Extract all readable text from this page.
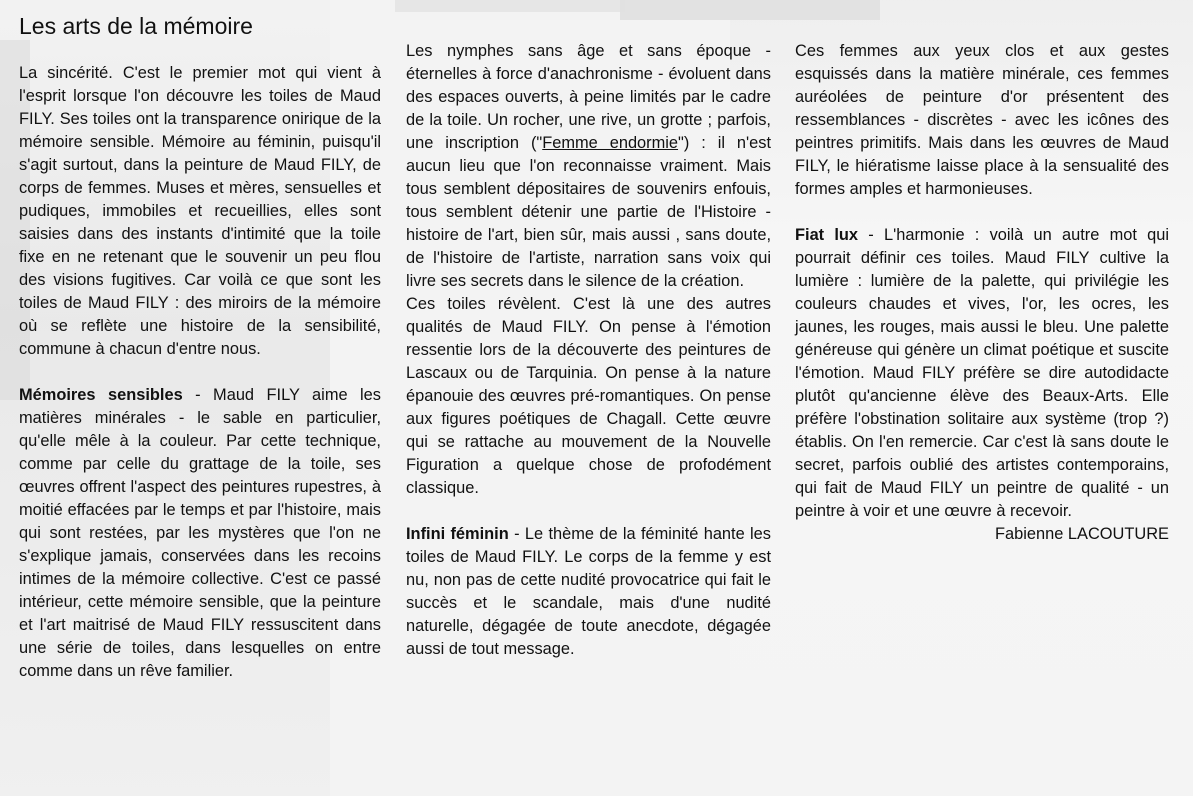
Les arts de la mémoire

La sincérité. C'est le premier mot qui vient à l'esprit lorsque l'on découvre les toiles de Maud FILY. Ses toiles ont la transparence onirique de la mémoire sensible. Mémoire au féminin, puisqu'il s'agit surtout, dans la peinture de Maud FILY, de corps de femmes. Muses et mères, sensuelles et pudiques, immobiles et recueillies, elles sont saisies dans des instants d'intimité que la toile fixe en ne retenant que le souvenir un peu flou des visions fugitives. Car voilà ce que sont les toiles de Maud FILY : des miroirs de la mémoire où se reflète une histoire de la sensibilité, commune à chacun d'entre nous.

Mémoires sensibles - Maud FILY aime les matières minérales - le sable en particulier, qu'elle mêle à la couleur. Par cette technique, comme par celle du grattage de la toile, ses œuvres offrent l'aspect des peintures rupestres, à moitié effacées par le temps et par l'histoire, mais qui sont restées, par les mystères que l'on ne s'explique jamais, conservées dans les recoins intimes de la mémoire collective. C'est ce passé intérieur, cette mémoire sensible, que la peinture et l'art maitrisé de Maud FILY ressuscitent dans une série de toiles, dans lesquelles on entre comme dans un rêve familier.

Les nymphes sans âge et sans époque - éternelles à force d'anachronisme - évoluent dans des espaces ouverts, à peine limités par le cadre de la toile. Un rocher, une rive, un grotte ; parfois, une inscription ("Femme endormie") : il n'est aucun lieu que l'on reconnaisse vraiment. Mais tous semblent dépositaires de souvenirs enfouis, tous semblent détenir une partie de l'Histoire - histoire de l'art, bien sûr, mais aussi , sans doute, de l'histoire de l'artiste, narration sans voix qui livre ses secrets dans le silence de la création.

Ces toiles révèlent. C'est là une des autres qualités de Maud FILY. On pense à l'émotion ressentie lors de la découverte des peintures de Lascaux ou de Tarquinia. On pense à la nature épanouie des œuvres pré-romantiques. On pense aux figures poétiques de Chagall. Cette œuvre qui se rattache au mouvement de la Nouvelle Figuration a quelque chose de profodément classique.

Infini féminin - Le thème de la féminité hante les toiles de Maud FILY. Le corps de la femme y est nu, non pas de cette nudité provocatrice qui fait le succès et le scandale, mais d'une nudité naturelle, dégagée de toute anecdote, dégagée aussi de tout message.

Ces femmes aux yeux clos et aux gestes esquissés dans la matière minérale, ces femmes auréolées de peinture d'or présentent des ressemblances - discrètes - avec les icônes des peintres primitifs. Mais dans les œuvres de Maud FILY, le hiératisme laisse place à la sensualité des formes amples et harmonieuses.

Fiat lux - L'harmonie : voilà un autre mot qui pourrait définir ces toiles. Maud FILY cultive la lumière : lumière de la palette, qui privilégie les couleurs chaudes et vives, l'or, les ocres, les jaunes, les rouges, mais aussi le bleu. Une palette généreuse qui génère un climat poétique et suscite l'émotion. Maud FILY préfère se dire autodidacte plutôt qu'ancienne élève des Beaux-Arts. Elle préfère l'obstination solitaire aux système (trop ?) établis. On l'en remercie. Car c'est là sans doute le secret, parfois oublié des artistes contemporains, qui fait de Maud FILY un peintre de qualité - un peintre à voir et une œuvre à recevoir.

Fabienne LACOUTURE
